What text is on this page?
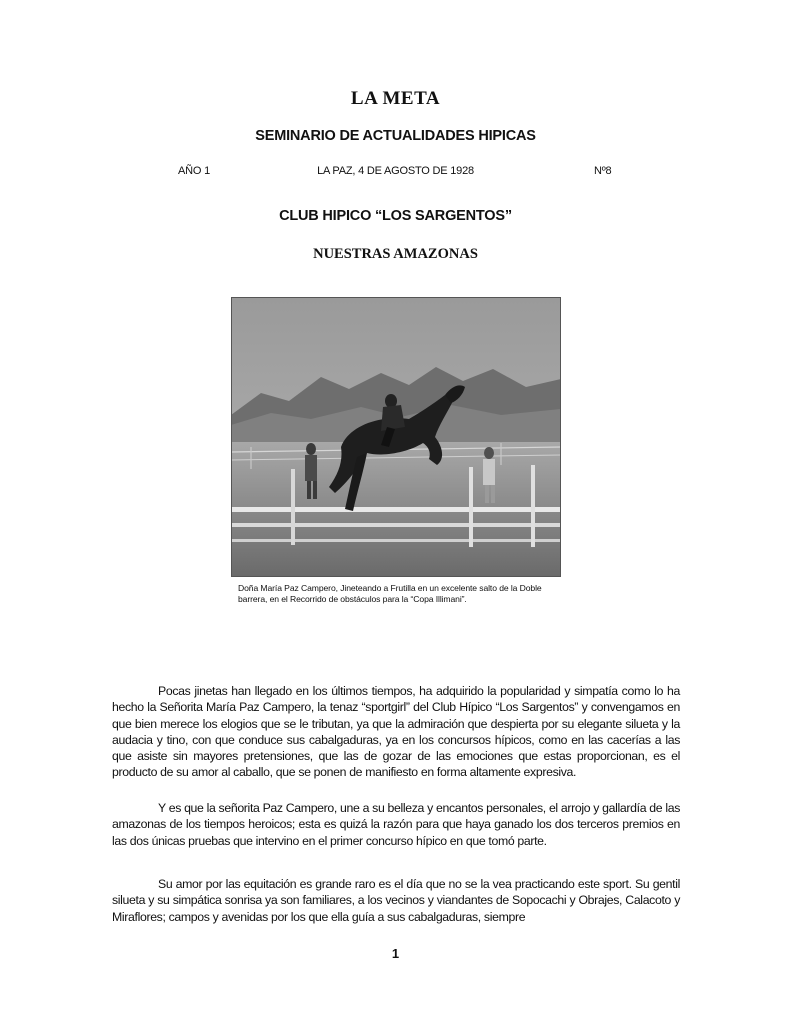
LA META
SEMINARIO DE ACTUALIDADES HIPICAS
AÑO 1	LA PAZ, 4 DE AGOSTO DE 1928	Nº8
CLUB HIPICO “LOS SARGENTOS”
NUESTRAS AMAZONAS
Doña María Paz Campero, Jineteando a Frutilla en un excelente salto de la Doble barrera, en el Recorrido de obstáculos para la “Copa Illimani”.

Pocas jinetas han llegado en los últimos tiempos, ha adquirido la popularidad y simpatía como lo ha hecho la Señorita María Paz Campero, la tenaz “sportgirl” del Club Hípico “Los Sargentos” y convengamos en que bien merece los elogios que se le tributan, ya que la admiración que despierta por su elegante silueta y la audacia y tino, con que conduce sus cabalgaduras, ya en los concursos hípicos, como en las cacerías a las que asiste sin mayores pretensiones, que las de gozar de las emociones que estas proporcionan, es el producto de su amor al caballo, que se ponen de manifiesto en forma altamente expresiva.

Y es que la señorita Paz Campero, une a su belleza y encantos personales, el arrojo y gallardía de las amazonas de los tiempos heroicos; esta es quizá la razón para que haya ganado los dos terceros premios en las dos únicas pruebas que intervino en el primer concurso hípico en que tomó parte.

Su amor por las equitación es grande raro es el día que no se la vea practicando este sport. Su gentil silueta y su simpática sonrisa ya son familiares, a los vecinos y viandantes de Sopocachi y Obrajes, Calacoto y Miraflores; campos y avenidas por los que ella guía a sus cabalgaduras, siempre

1
